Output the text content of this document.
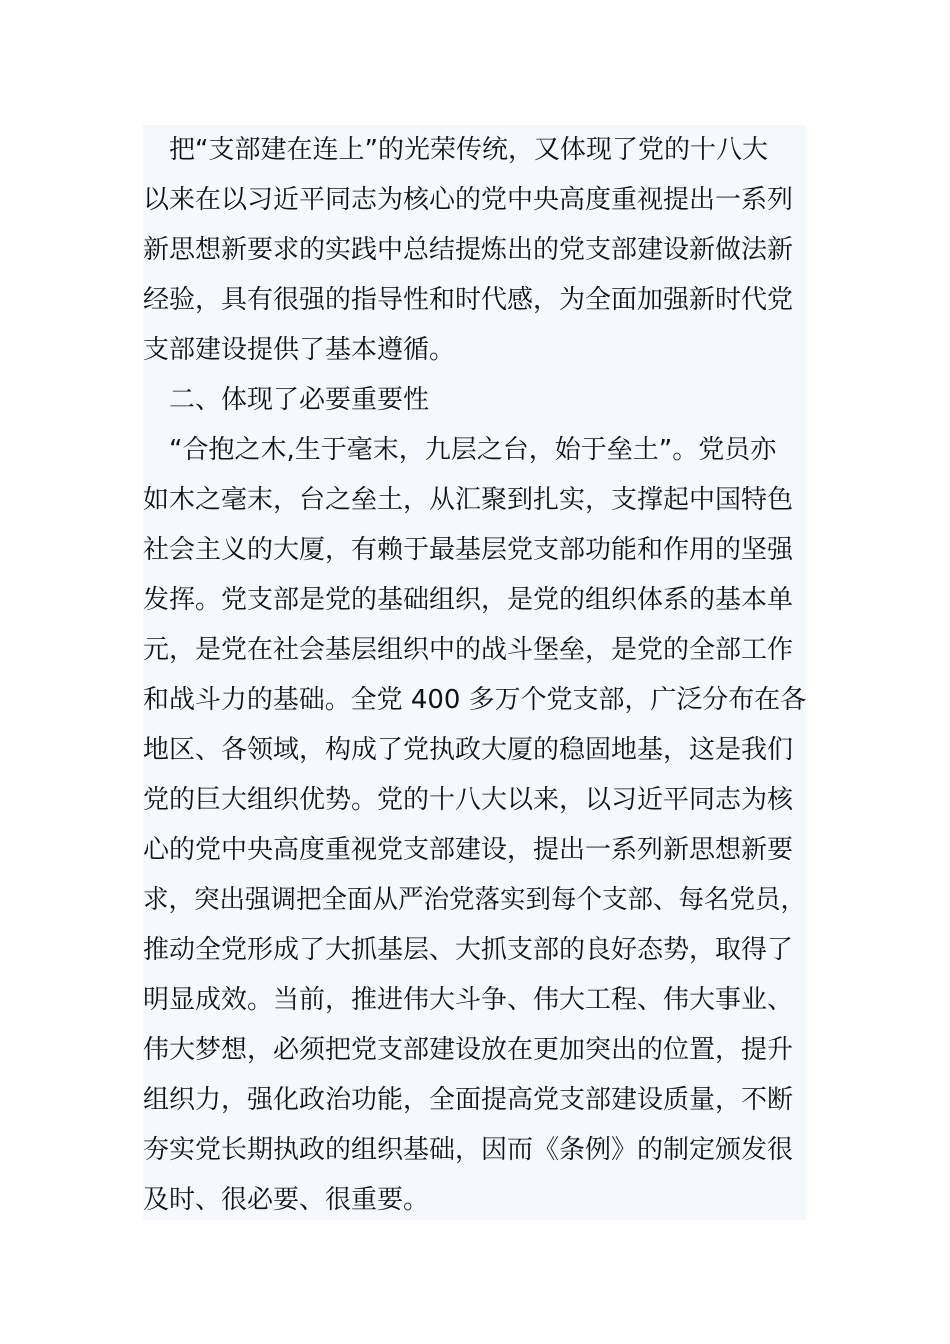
　把“支部建在连上”的光荣传统，又体现了党的十八大
以来在以习近平同志为核心的党中央高度重视提出一系列
新思想新要求的实践中总结提炼出的党支部建设新做法新
经验，具有很强的指导性和时代感，为全面加强新时代党
支部建设提供了基本遵循。
　二、体现了必要重要性
　“合抱之木,生于毫末，九层之台，始于垒土”。党员亦
如木之毫末，台之垒土，从汇聚到扎实，支撑起中国特色
社会主义的大厦，有赖于最基层党支部功能和作用的坚强
发挥。党支部是党的基础组织，是党的组织体系的基本单
元，是党在社会基层组织中的战斗堡垒，是党的全部工作
和战斗力的基础。全党 400 多万个党支部，广泛分布在各
地区、各领域，构成了党执政大厦的稳固地基，这是我们
党的巨大组织优势。党的十八大以来，以习近平同志为核
心的党中央高度重视党支部建设，提出一系列新思想新要
求，突出强调把全面从严治党落实到每个支部、每名党员，
推动全党形成了大抓基层、大抓支部的良好态势，取得了
明显成效。当前，推进伟大斗争、伟大工程、伟大事业、
伟大梦想，必须把党支部建设放在更加突出的位置，提升
组织力，强化政治功能，全面提高党支部建设质量，不断
夯实党长期执政的组织基础，因而《条例》的制定颁发很
及时、很必要、很重要。
